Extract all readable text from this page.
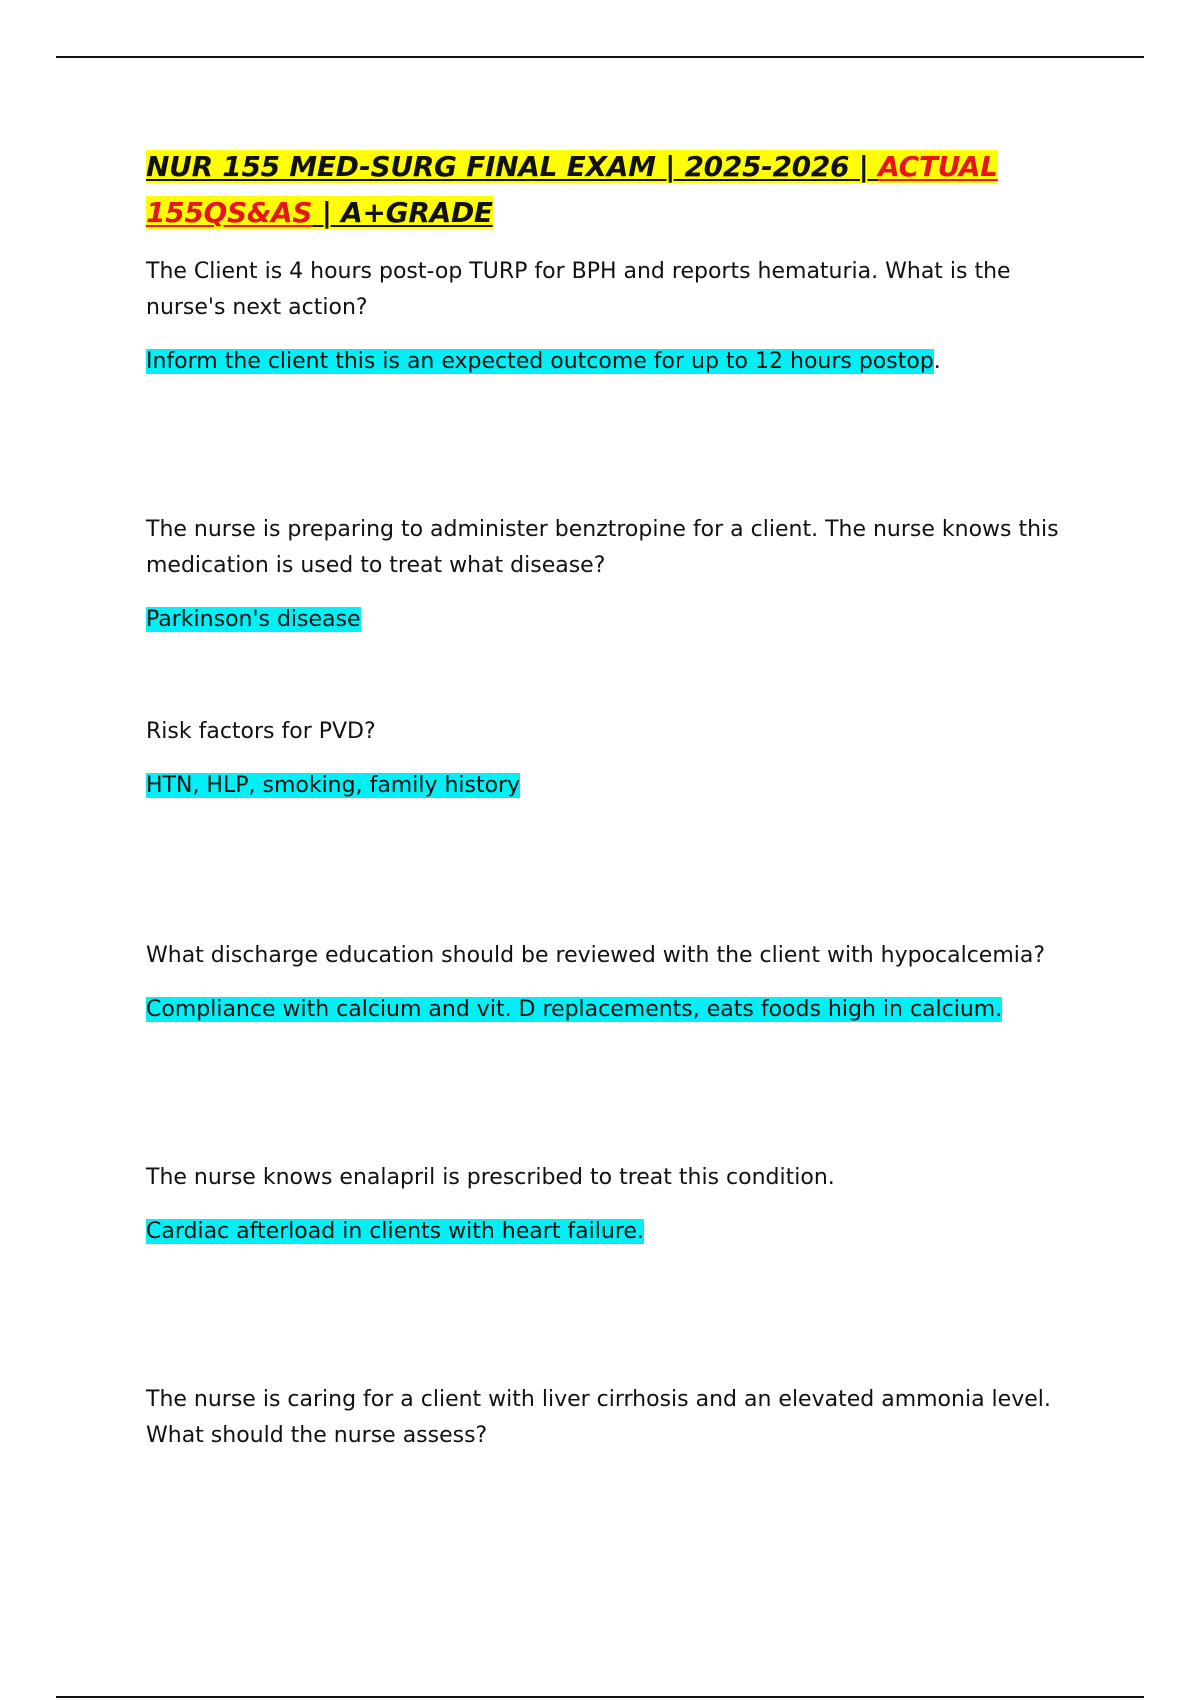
NUR 155 MED-SURG FINAL EXAM | 2025-2026 | ACTUAL 155QS&AS | A+GRADE

The Client is 4 hours post-op TURP for BPH and reports hematuria. What is the nurse's next action?

Inform the client this is an expected outcome for up to 12 hours postop.

The nurse is preparing to administer benztropine for a client. The nurse knows this medication is used to treat what disease?

Parkinson's disease

Risk factors for PVD?

HTN, HLP, smoking, family history

What discharge education should be reviewed with the client with hypocalcemia?

Compliance with calcium and vit. D replacements, eats foods high in calcium.

The nurse knows enalapril is prescribed to treat this condition.

Cardiac afterload in clients with heart failure.

The nurse is caring for a client with liver cirrhosis and an elevated ammonia level. What should the nurse assess?
